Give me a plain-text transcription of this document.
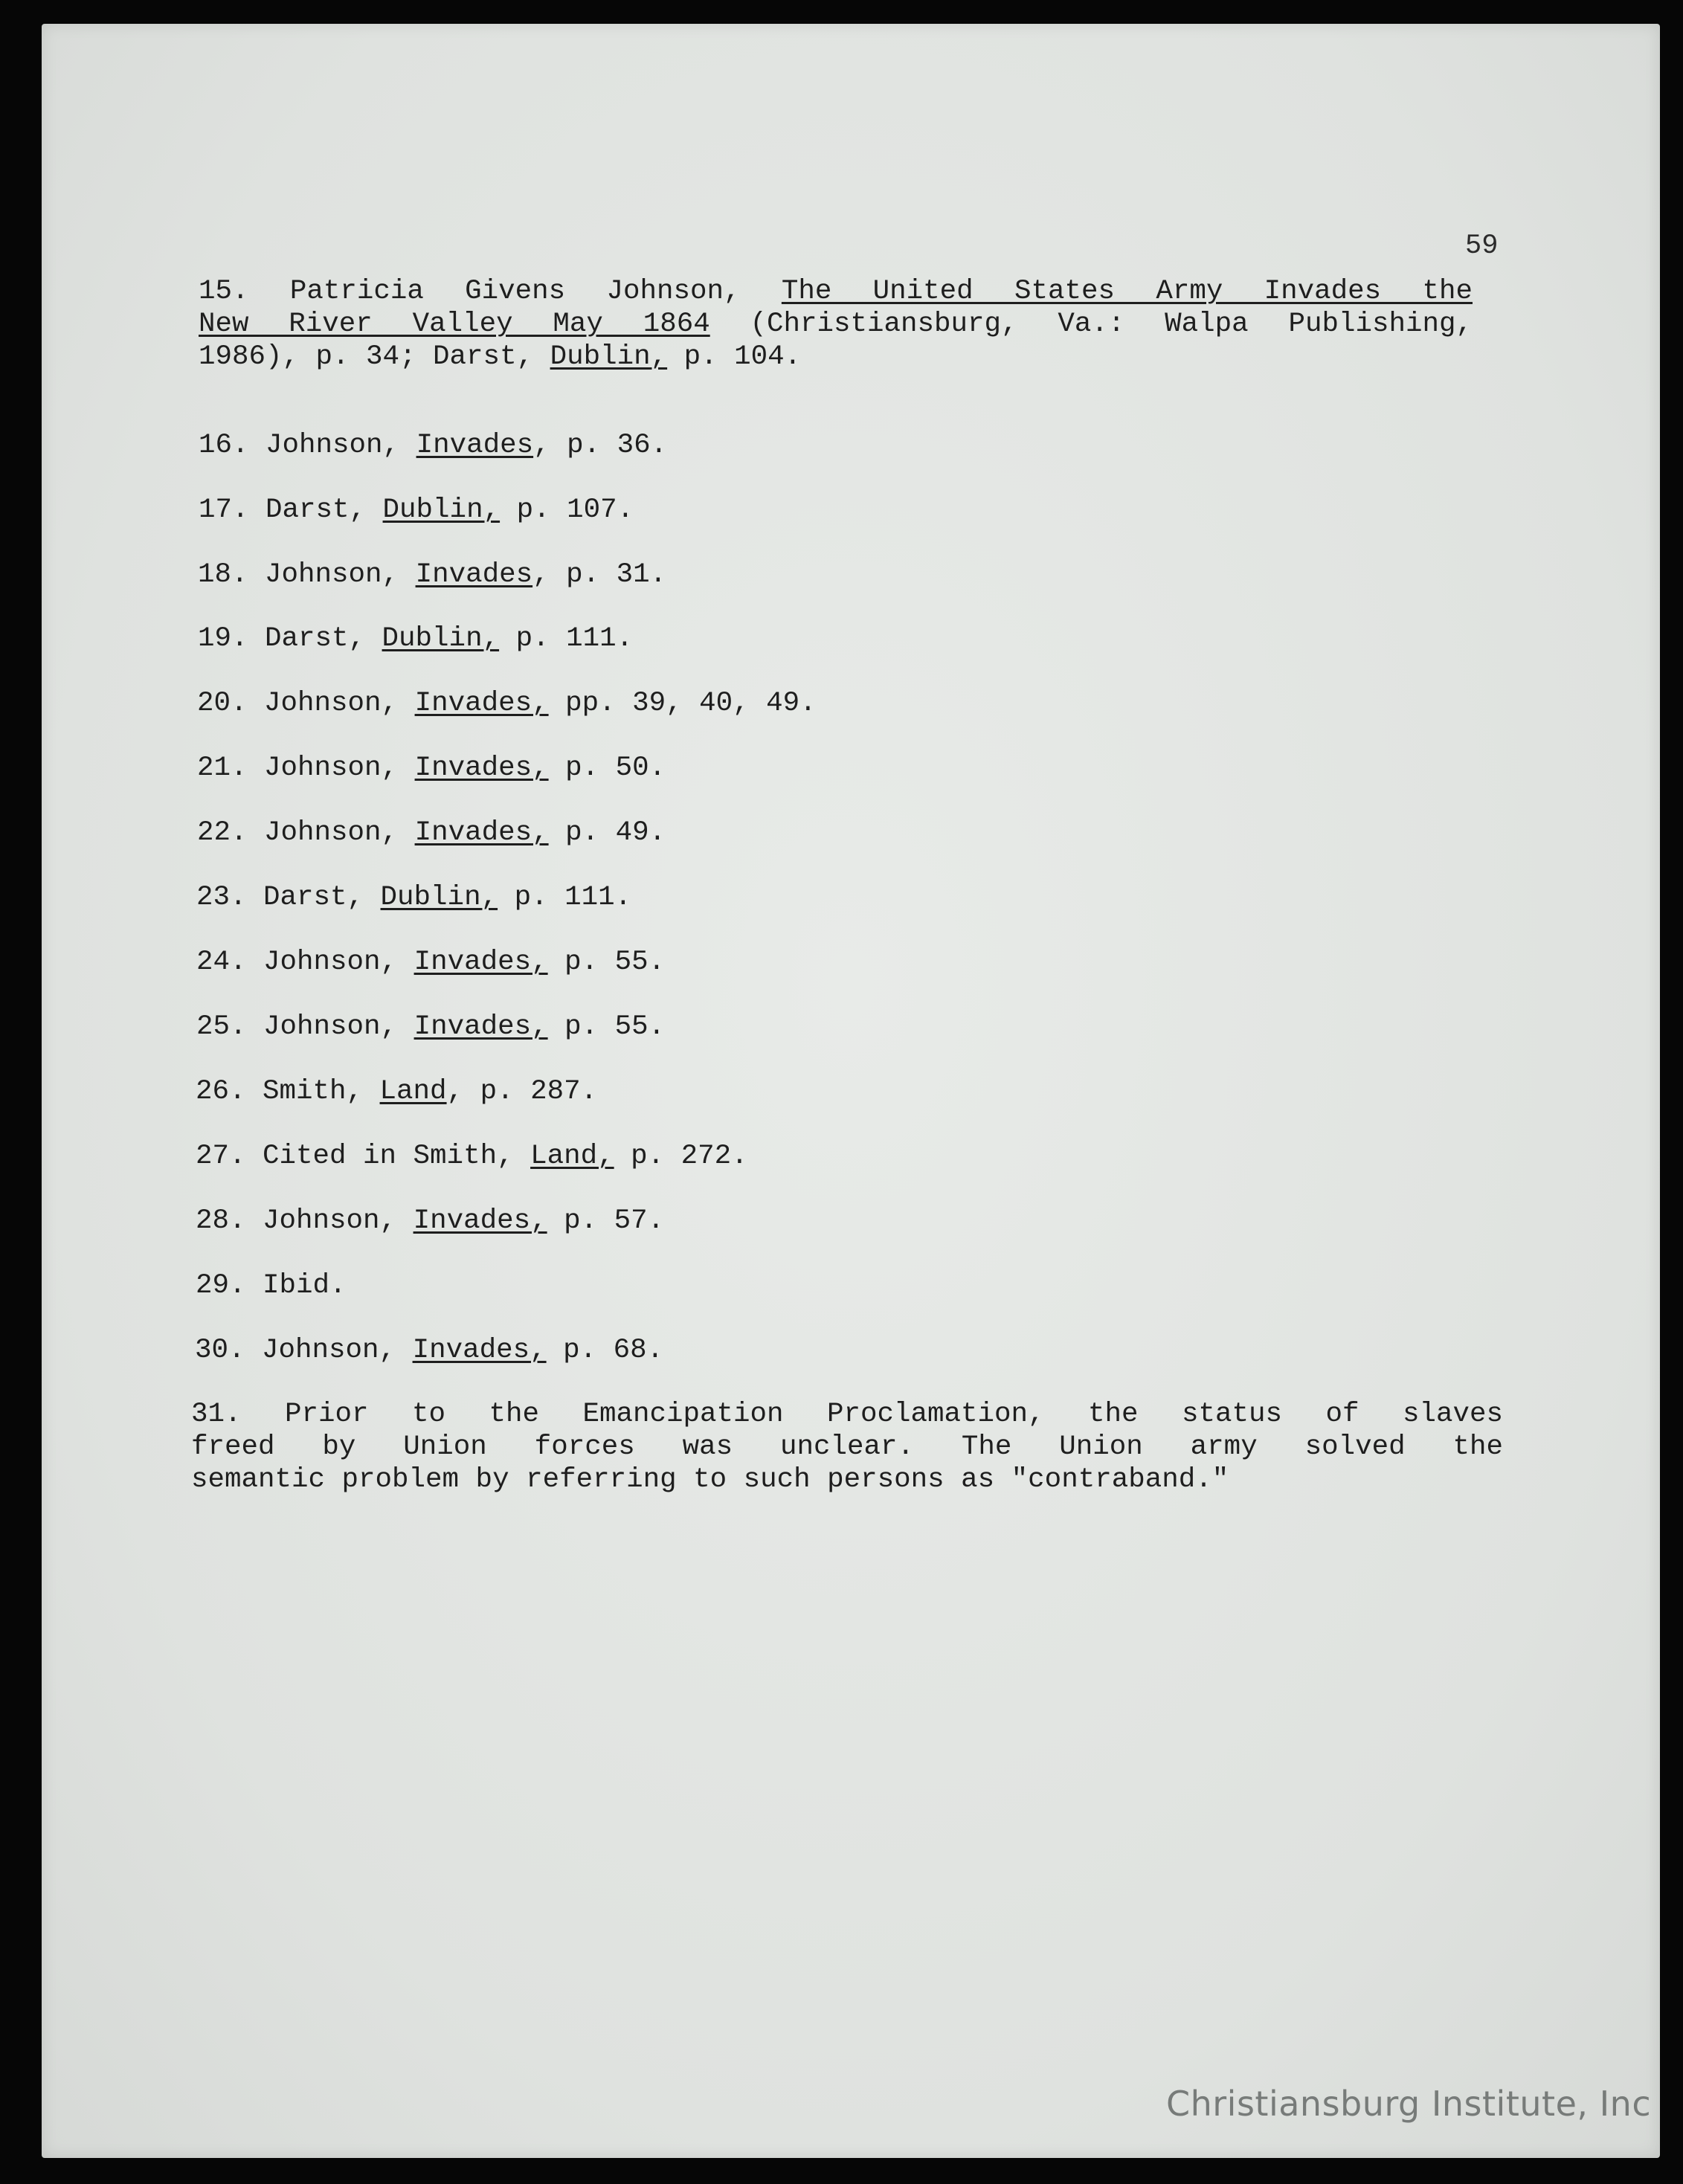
59
15. Patricia Givens Johnson, The United States Army Invades the
New River Valley May 1864 (Christiansburg, Va.: Walpa Publishing,
1986), p. 34; Darst, Dublin, p. 104.
16. Johnson, Invades, p. 36.
17. Darst, Dublin, p. 107.
18. Johnson, Invades, p. 31.
19. Darst, Dublin, p. 111.
20. Johnson, Invades, pp. 39, 40, 49.
21. Johnson, Invades, p. 50.
22. Johnson, Invades, p. 49.
23. Darst, Dublin, p. 111.
24. Johnson, Invades, p. 55.
25. Johnson, Invades, p. 55.
26. Smith, Land, p. 287.
27. Cited in Smith, Land, p. 272.
28. Johnson, Invades, p. 57.
29. Ibid.
30. Johnson, Invades, p. 68.
31. Prior to the Emancipation Proclamation, the status of slaves
freed by Union forces was unclear. The Union army solved the
semantic problem by referring to such persons as "contraband."
Christiansburg Institute, Inc
